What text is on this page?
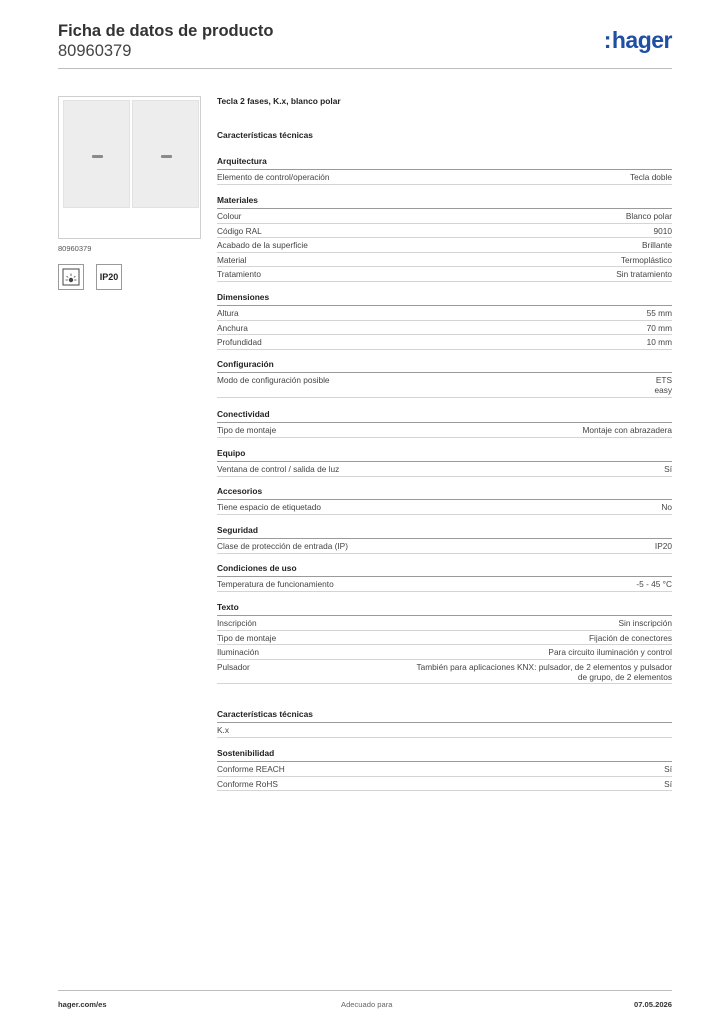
Ficha de datos de producto
80960379	:hager
80960379
IP20
Tecla 2 fases, K.x, blanco polar
Características técnicas
Arquitectura
Elemento de control/operación	Tecla doble
Materiales
Colour	Blanco polar
Código RAL	9010
Acabado de la superficie	Brillante
Material	Termoplástico
Tratamiento	Sin tratamiento
Dimensiones
Altura	55 mm
Anchura	70 mm
Profundidad	10 mm
Configuración
Modo de configuración posible	ETS
easy
Conectividad
Tipo de montaje	Montaje con abrazadera
Equipo
Ventana de control / salida de luz	Sí
Accesorios
Tiene espacio de etiquetado	No
Seguridad
Clase de protección de entrada (IP)	IP20
Condiciones de uso
Temperatura de funcionamiento	-5 - 45 °C
Texto
Inscripción	Sin inscripción
Tipo de montaje	Fijación de conectores
Iluminación	Para circuito iluminación y control
Pulsador	También para aplicaciones KNX: pulsador, de 2 elementos y pulsador
de grupo, de 2 elementos
Características técnicas
K.x

Sostenibilidad
Conforme REACH	Sí
Conforme RoHS	Sí
hager.com/es	Adecuado para	07.05.2026
